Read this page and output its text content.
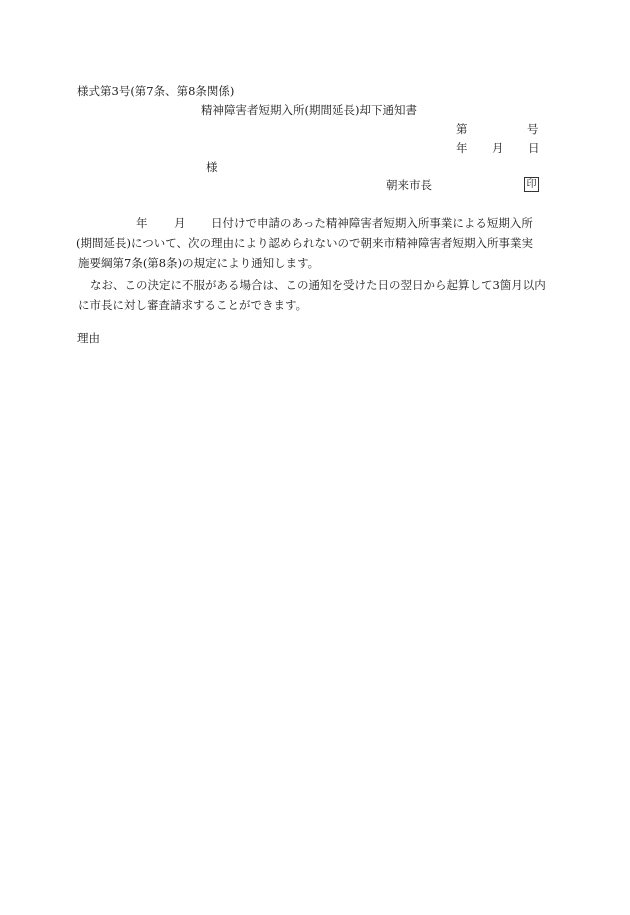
様式第3号(第7条、第8条関係)
精神障害者短期入所(期間延長)却下通知書
第	号
年 月 日
様
朝来市長	印
年 月 日付けで申請のあった精神障害者短期入所事業による短期入所
(期間延長)について、次の理由により認められないので朝来市精神障害者短期入所事業実
施要綱第7条(第8条)の規定により通知します。
なお、この決定に不服がある場合は、この通知を受けた日の翌日から起算して3箇月以内
に市長に対し審査請求することができます。
理由
